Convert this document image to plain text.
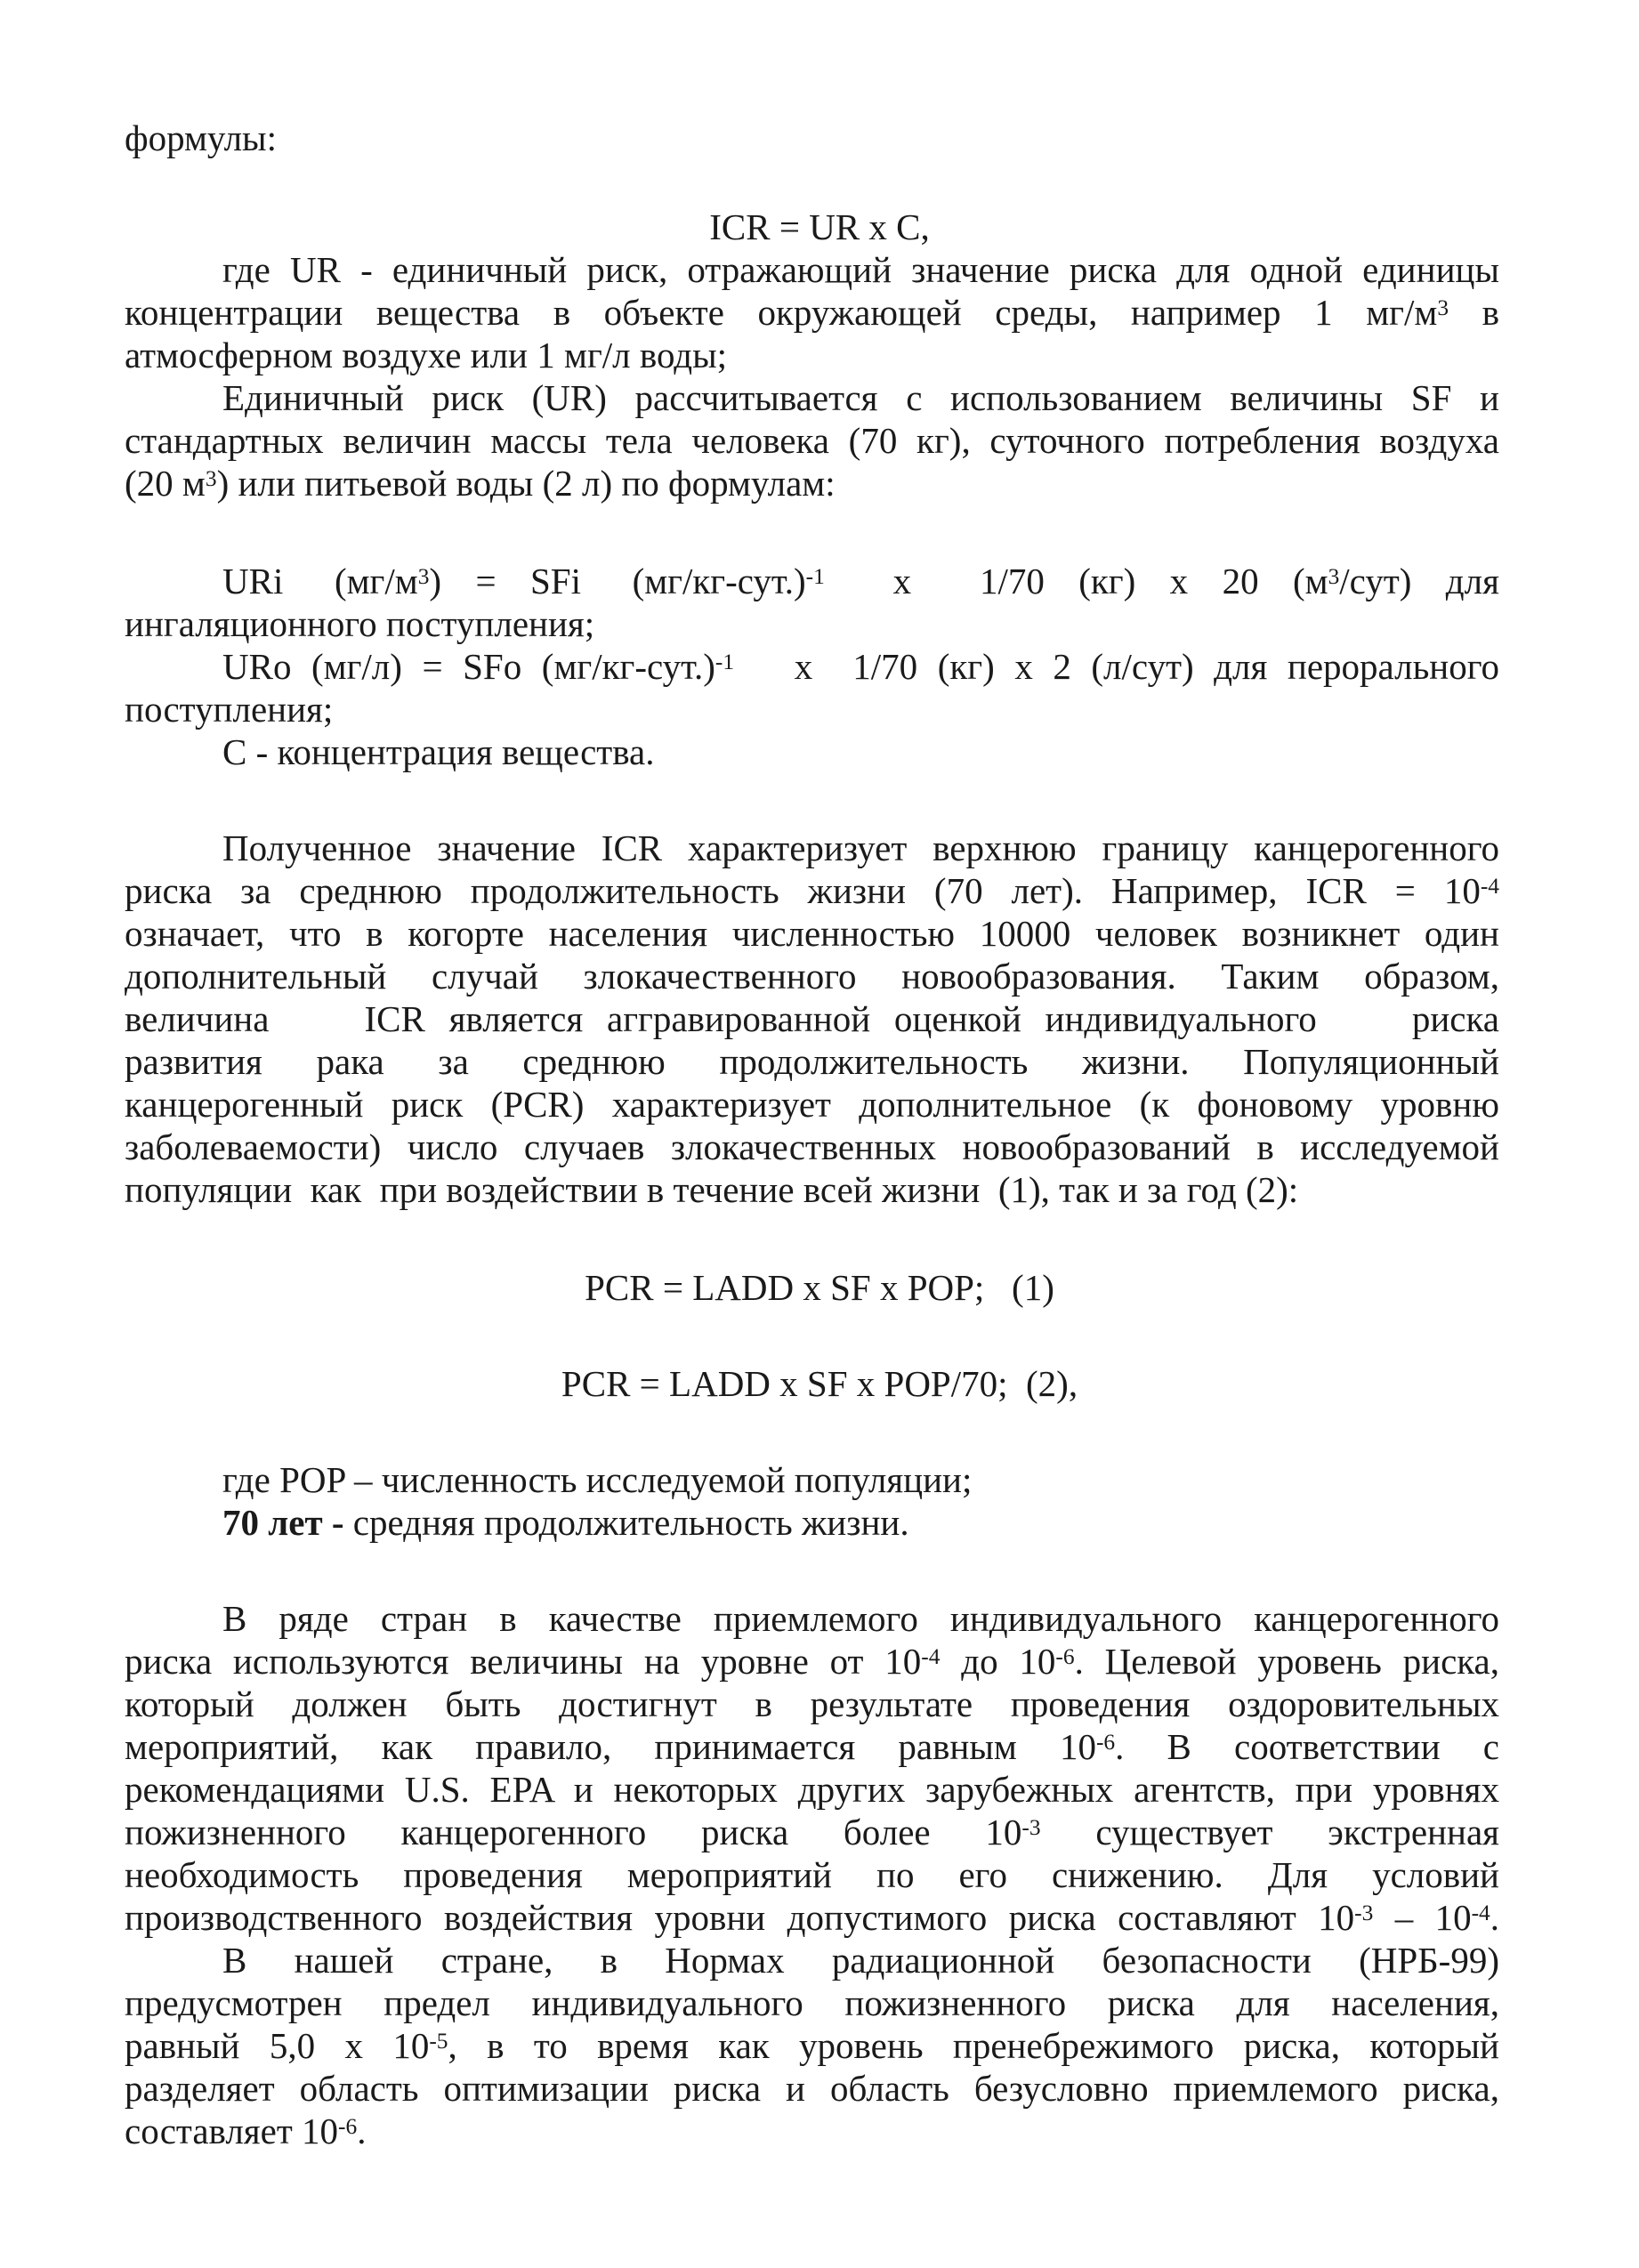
формулы:
ICR = UR x C,
где UR - единичный риск, отражающий значение риска для одной единицы
концентрации вещества в объекте окружающей среды, например 1 $мг/м^3$ в
атмосферном воздухе или 1 мг/л воды;
Единичный риск (UR) рассчитывается с использованием величины SF и
стандартных величин массы тела человека (70 кг), суточного потребления воздуха
(20 $м^3$) или питьевой воды (2 л) по формулам:
URi   $(мг/м^3)$  =  SFi   $(мг/кг-сут.)^{-1}$    x    1/70  (кг)  x  20  $(м^3/сут)$  для
ингаляционного поступления;
URo (мг/л) = SFo $(мг/кг-сут.)^{-1}$   x  1/70 (кг) x 2 (л/сут) для перорального
поступления;
С - концентрация вещества.
Полученное значение ICR характеризует верхнюю границу канцерогенного
риска за среднюю продолжительность жизни (70 лет). Например, ICR = $10^{-4}$
означает, что в когорте населения численностью 10000 человек возникнет один
дополнительный случай злокачественного новообразования. Таким образом,
величина    ICR является аггравированной оценкой индивидуального    риска
развития рака за среднюю продолжительность жизни. Популяционный
канцерогенный риск (PCR) характеризует дополнительное (к фоновому уровню
заболеваемости) число случаев злокачественных новообразований в исследуемой
популяции  как  при воздействии в течение всей жизни  (1), так и за год (2):
PCR = LADD x SF x POP;   (1)
PCR = LADD x SF x POP/70;  (2),
где POP – численность исследуемой популяции;
70 лет - средняя продолжительность жизни.
В ряде стран в качестве приемлемого индивидуального канцерогенного
риска используются величины на уровне от $10^{-4}$ до $10^{-6}$. Целевой уровень риска,
который должен быть достигнут в результате проведения оздоровительных
мероприятий, как правило, принимается равным $10^{-6}$. В соответствии с
рекомендациями U.S. EPA и некоторых других зарубежных агентств, при уровнях
пожизненного канцерогенного риска более $10^{-3}$ существует экстренная
необходимость проведения мероприятий по его снижению. Для условий
производственного воздействия уровни допустимого риска составляют $10^{-3} - 10^{-4}$.
В нашей стране, в Нормах радиационной безопасности (НРБ-99)
предусмотрен предел индивидуального пожизненного риска для населения,
равный 5,0 x $10^{-5}$, в то время как уровень пренебрежимого риска, который
разделяет область оптимизации риска и область безусловно приемлемого риска,
составляет $10^{-6}$.
